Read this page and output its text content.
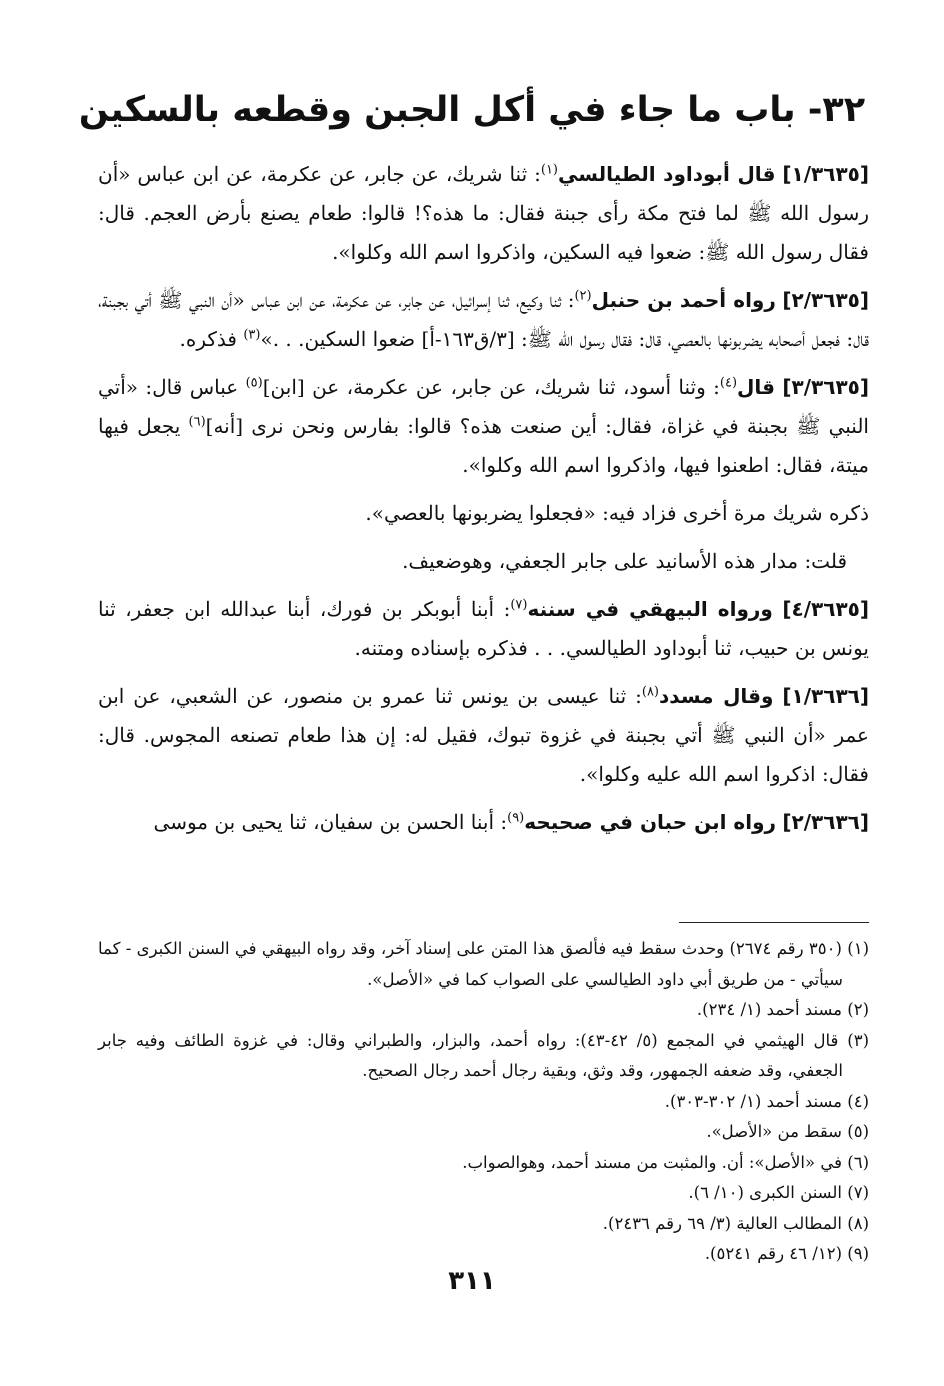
٣٢- باب ما جاء في أكل الجبن وقطعه بالسكين

[١/٣٦٣٥] قال أبوداود الطيالسي$^{(١)}$: ثنا شريك، عن جابر، عن عكرمة، عن ابن عباس «أن رسول الله ﷺ لما فتح مكة رأى جبنة فقال: ما هذه؟! قالوا: طعام يصنع بأرض العجم. قال: فقال رسول الله ﷺ: ضعوا فيه السكين، واذكروا اسم الله وكلوا».

[٢/٣٦٣٥] رواه أحمد بن حنبل$^{(٢)}$: ثنا وكيع، ثنا إسرائيل، عن جابر، عن عكرمة، عن ابن عباس «أن النبي ﷺ أتي بجبنة، قال: فجعل أصحابه يضربونها بالعصي، قال: فقال رسول الله ﷺ: [٣/ق١٦٣-أ] ضعوا السكين. . .»$^{(٣)}$ فذكره.

[٣/٣٦٣٥] قال$^{(٤)}$: وثنا أسود، ثنا شريك، عن جابر، عن عكرمة، عن [ابن]$^{(٥)}$ عباس قال: «أتي النبي ﷺ بجبنة في غزاة، فقال: أين صنعت هذه؟ قالوا: بفارس ونحن نرى [أنه]$^{(٦)}$ يجعل فيها ميتة، فقال: اطعنوا فيها، واذكروا اسم الله وكلوا».

ذكره شريك مرة أخرى فزاد فيه: «فجعلوا يضربونها بالعصي».

قلت: مدار هذه الأسانيد على جابر الجعفي، وهوضعيف.

[٤/٣٦٣٥] ورواه البيهقي في سننه$^{(٧)}$: أبنا أبوبكر بن فورك، أبنا عبدالله ابن جعفر، ثنا يونس بن حبيب، ثنا أبوداود الطيالسي. . . فذكره بإسناده ومتنه.

[١/٣٦٣٦] وقال مسدد$^{(٨)}$: ثنا عيسى بن يونس ثنا عمرو بن منصور، عن الشعبي، عن ابن عمر «أن النبي ﷺ أتي بجبنة في غزوة تبوك، فقيل له: إن هذا طعام تصنعه المجوس. قال: فقال: اذكروا اسم الله عليه وكلوا».

[٢/٣٦٣٦] رواه ابن حبان في صحيحه$^{(٩)}$: أبنا الحسن بن سفيان، ثنا يحيى بن موسى

(١) (٣٥٠ رقم ٢٦٧٤) وحدث سقط فيه فألصق هذا المتن على إسناد آخر، وقد رواه البيهقي في السنن الكبرى - كما سيأتي - من طريق أبي داود الطيالسي على الصواب كما في «الأصل».

(٢) مسند أحمد (١/ ٢٣٤).

(٣) قال الهيثمي في المجمع (٥/ ٤٢-٤٣): رواه أحمد، والبزار، والطبراني وقال: في غزوة الطائف وفيه جابر الجعفي، وقد ضعفه الجمهور، وقد وثق، وبقية رجال أحمد رجال الصحيح.

(٤) مسند أحمد (١/ ٣٠٢-٣٠٣).

(٥) سقط من «الأصل».

(٦) في «الأصل»: أن. والمثبت من مسند أحمد، وهوالصواب.

(٧) السنن الكبرى (١٠/ ٦).

(٨) المطالب العالية (٣/ ٦٩ رقم ٢٤٣٦).

(٩) (١٢/ ٤٦ رقم ٥٢٤١).

٣١١
